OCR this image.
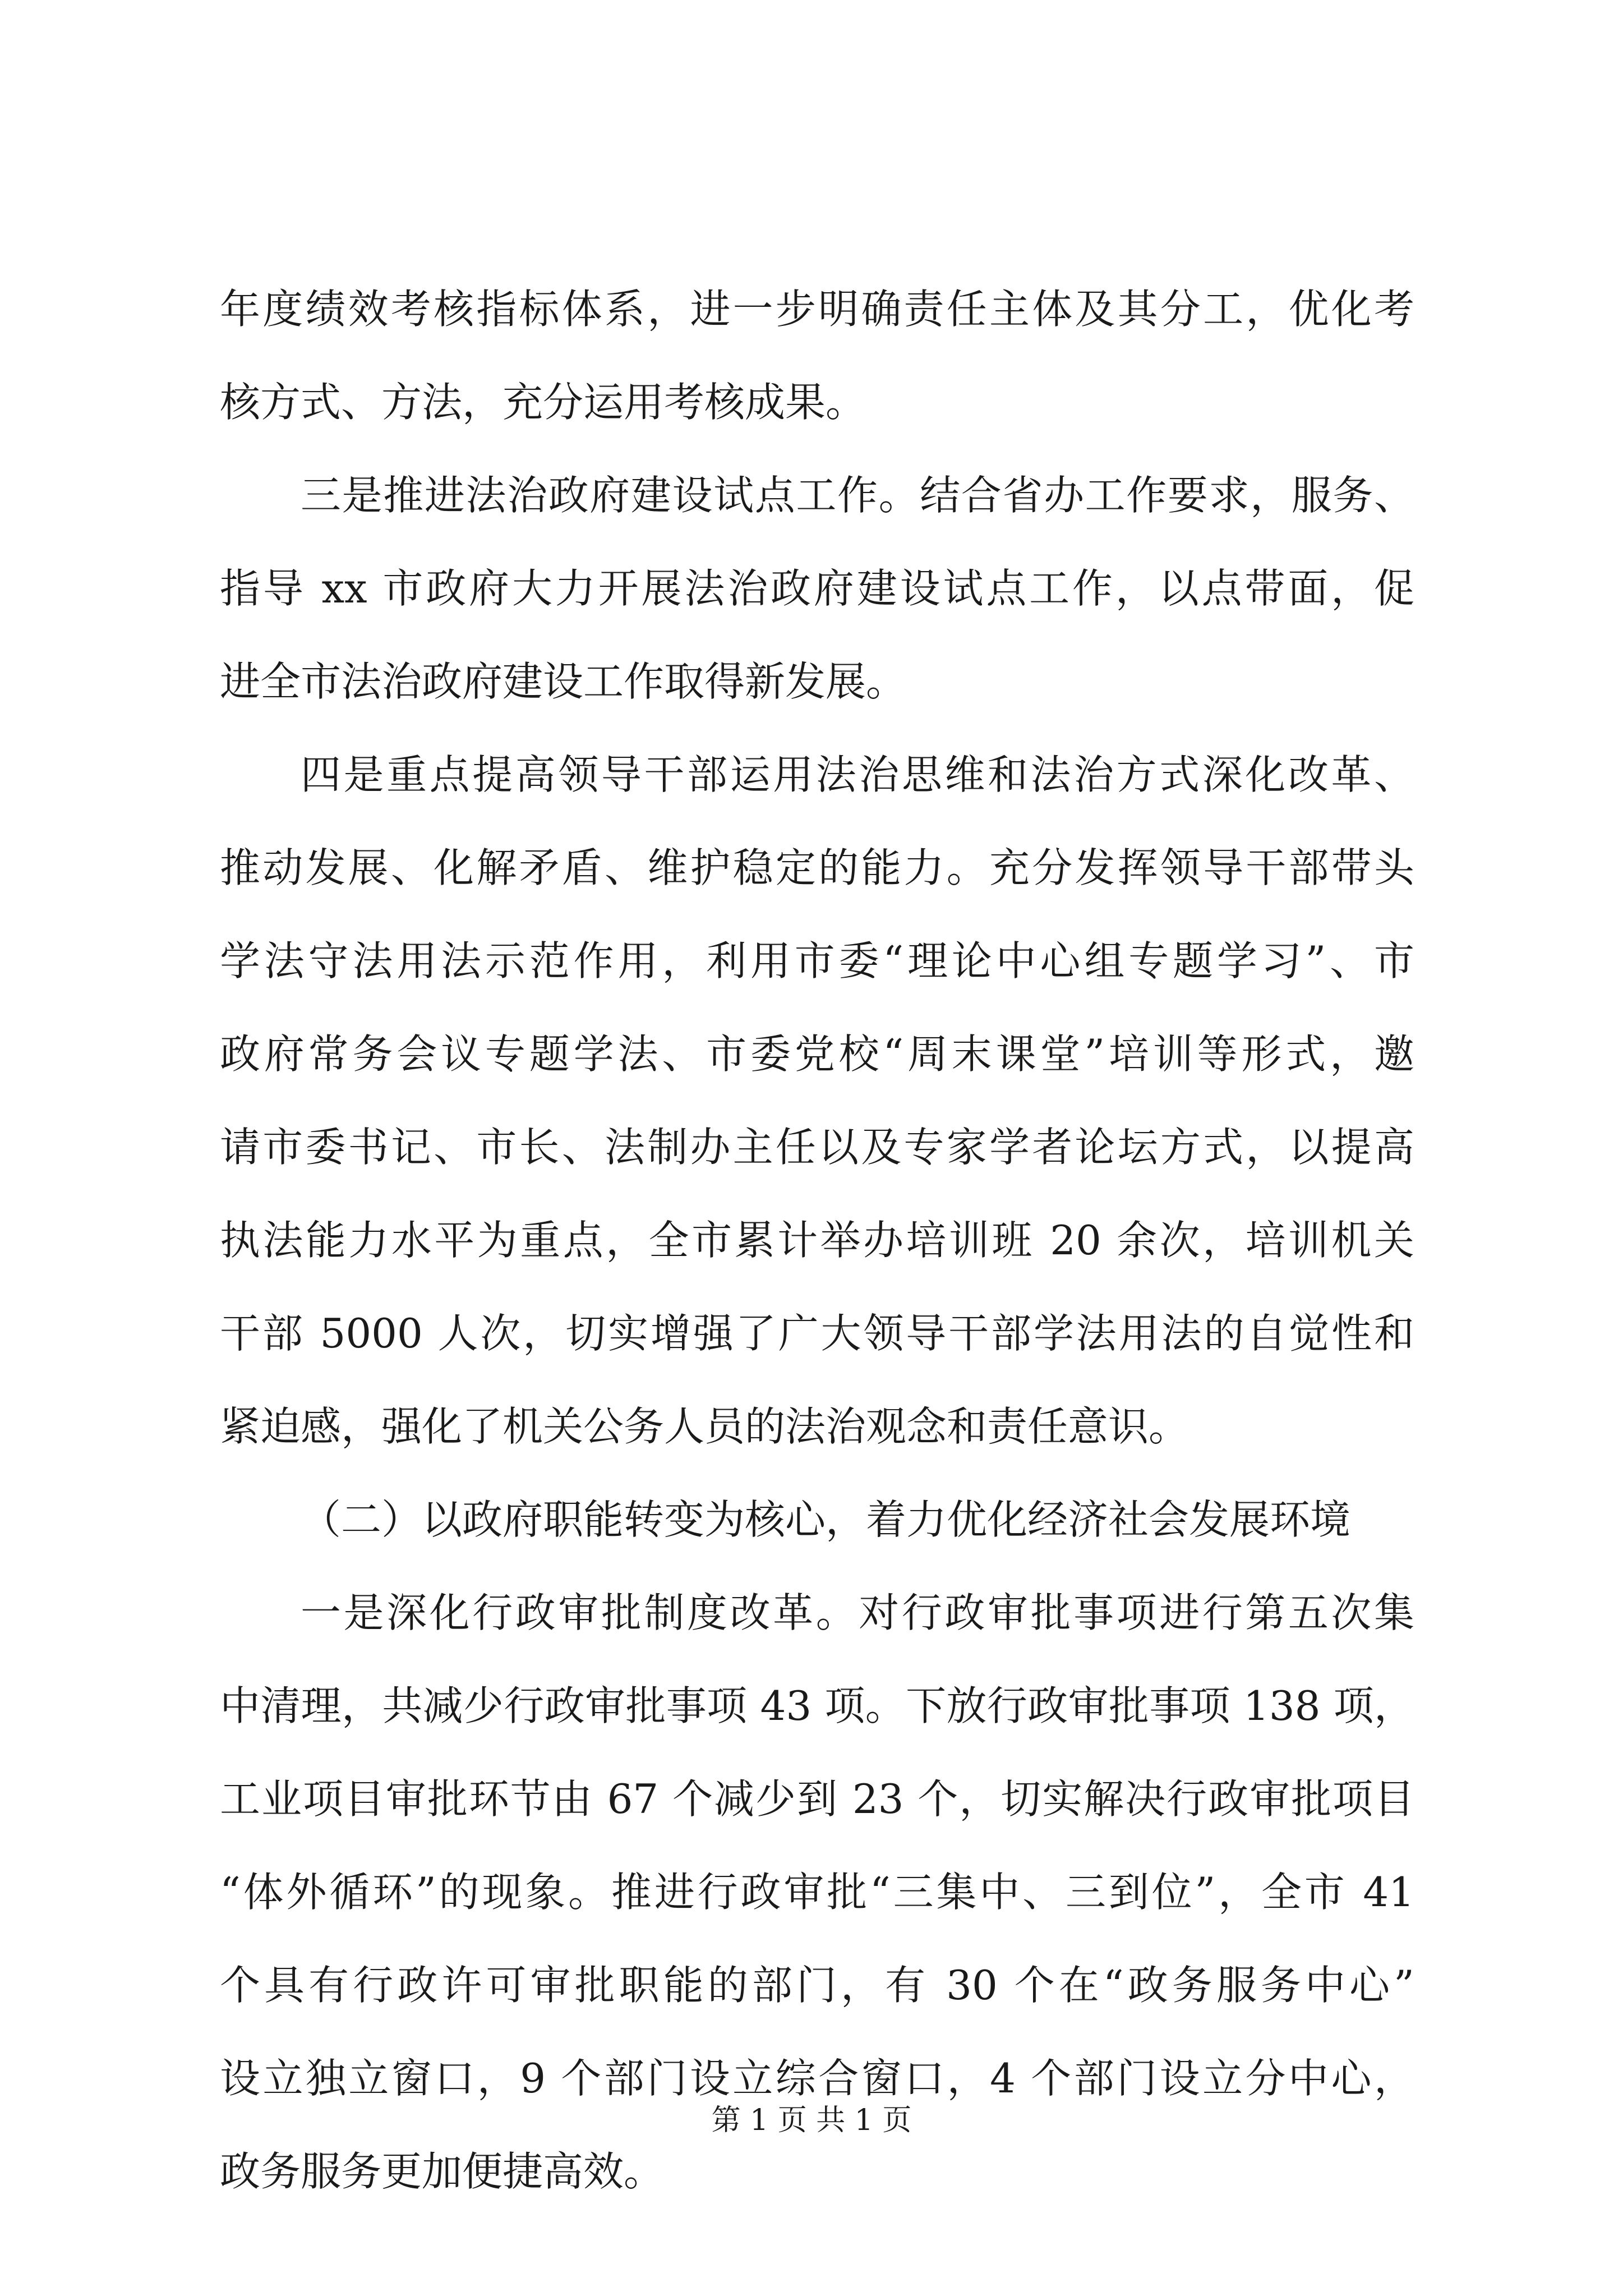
年度绩效考核指标体系，进一步明确责任主体及其分工，优化考
核方式、方法，充分运用考核成果。
三是推进法治政府建设试点工作。结合省办工作要求，服务、
指导 xx 市政府大力开展法治政府建设试点工作，以点带面，促
进全市法治政府建设工作取得新发展。
四是重点提高领导干部运用法治思维和法治方式深化改革、
推动发展、化解矛盾、维护稳定的能力。充分发挥领导干部带头
学法守法用法示范作用，利用市委“理论中心组专题学习”、市
政府常务会议专题学法、市委党校“周末课堂”培训等形式，邀
请市委书记、市长、法制办主任以及专家学者论坛方式，以提高
执法能力水平为重点，全市累计举办培训班 20 余次，培训机关
干部 5000 人次，切实增强了广大领导干部学法用法的自觉性和
紧迫感，强化了机关公务人员的法治观念和责任意识。
（二）以政府职能转变为核心，着力优化经济社会发展环境
一是深化行政审批制度改革。对行政审批事项进行第五次集
中清理，共减少行政审批事项 43 项。下放行政审批事项 138 项，
工业项目审批环节由 67 个减少到 23 个，切实解决行政审批项目
“体外循环”的现象。推进行政审批“三集中、三到位”，全市 41
个具有行政许可审批职能的部门，有 30 个在“政务服务中心”
设立独立窗口，9 个部门设立综合窗口，4 个部门设立分中心，
政务服务更加便捷高效。
第 1 页 共 1 页
